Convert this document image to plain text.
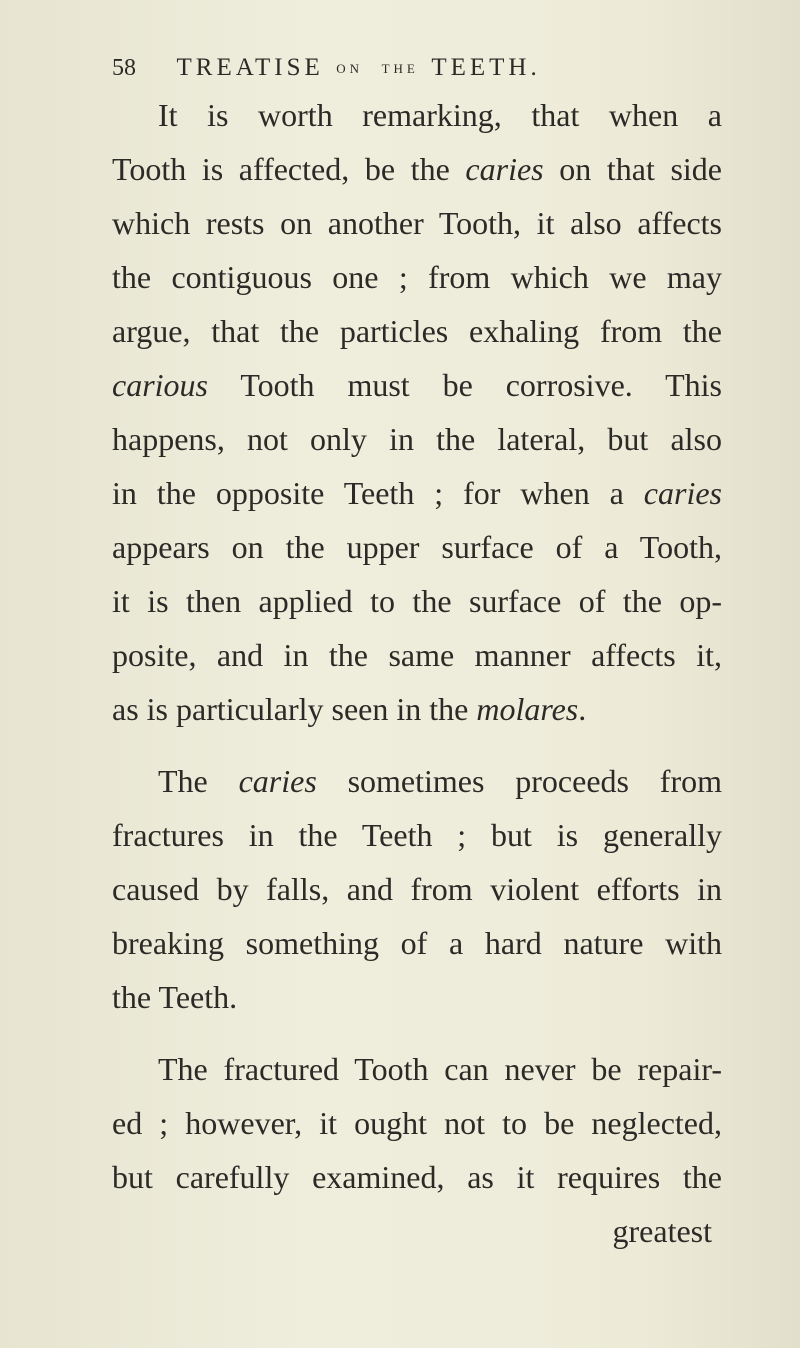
58 TREATISE ON THE TEETH.
It is worth remarking, that when a
Tooth is affected, be the caries on that side
which rests on another Tooth, it also affects
the contiguous one ; from which we may
argue, that the particles exhaling from the
carious Tooth must be corrosive. This
happens, not only in the lateral, but also
in the opposite Teeth ; for when a caries
appears on the upper surface of a Tooth,
it is then applied to the surface of the op-
posite, and in the same manner affects it,
as is particularly seen in the molares.
The caries sometimes proceeds from
fractures in the Teeth ; but is generally
caused by falls, and from violent efforts in
breaking something of a hard nature with
the Teeth.
The fractured Tooth can never be repair-
ed ; however, it ought not to be neglected,
but carefully examined, as it requires the
greatest
